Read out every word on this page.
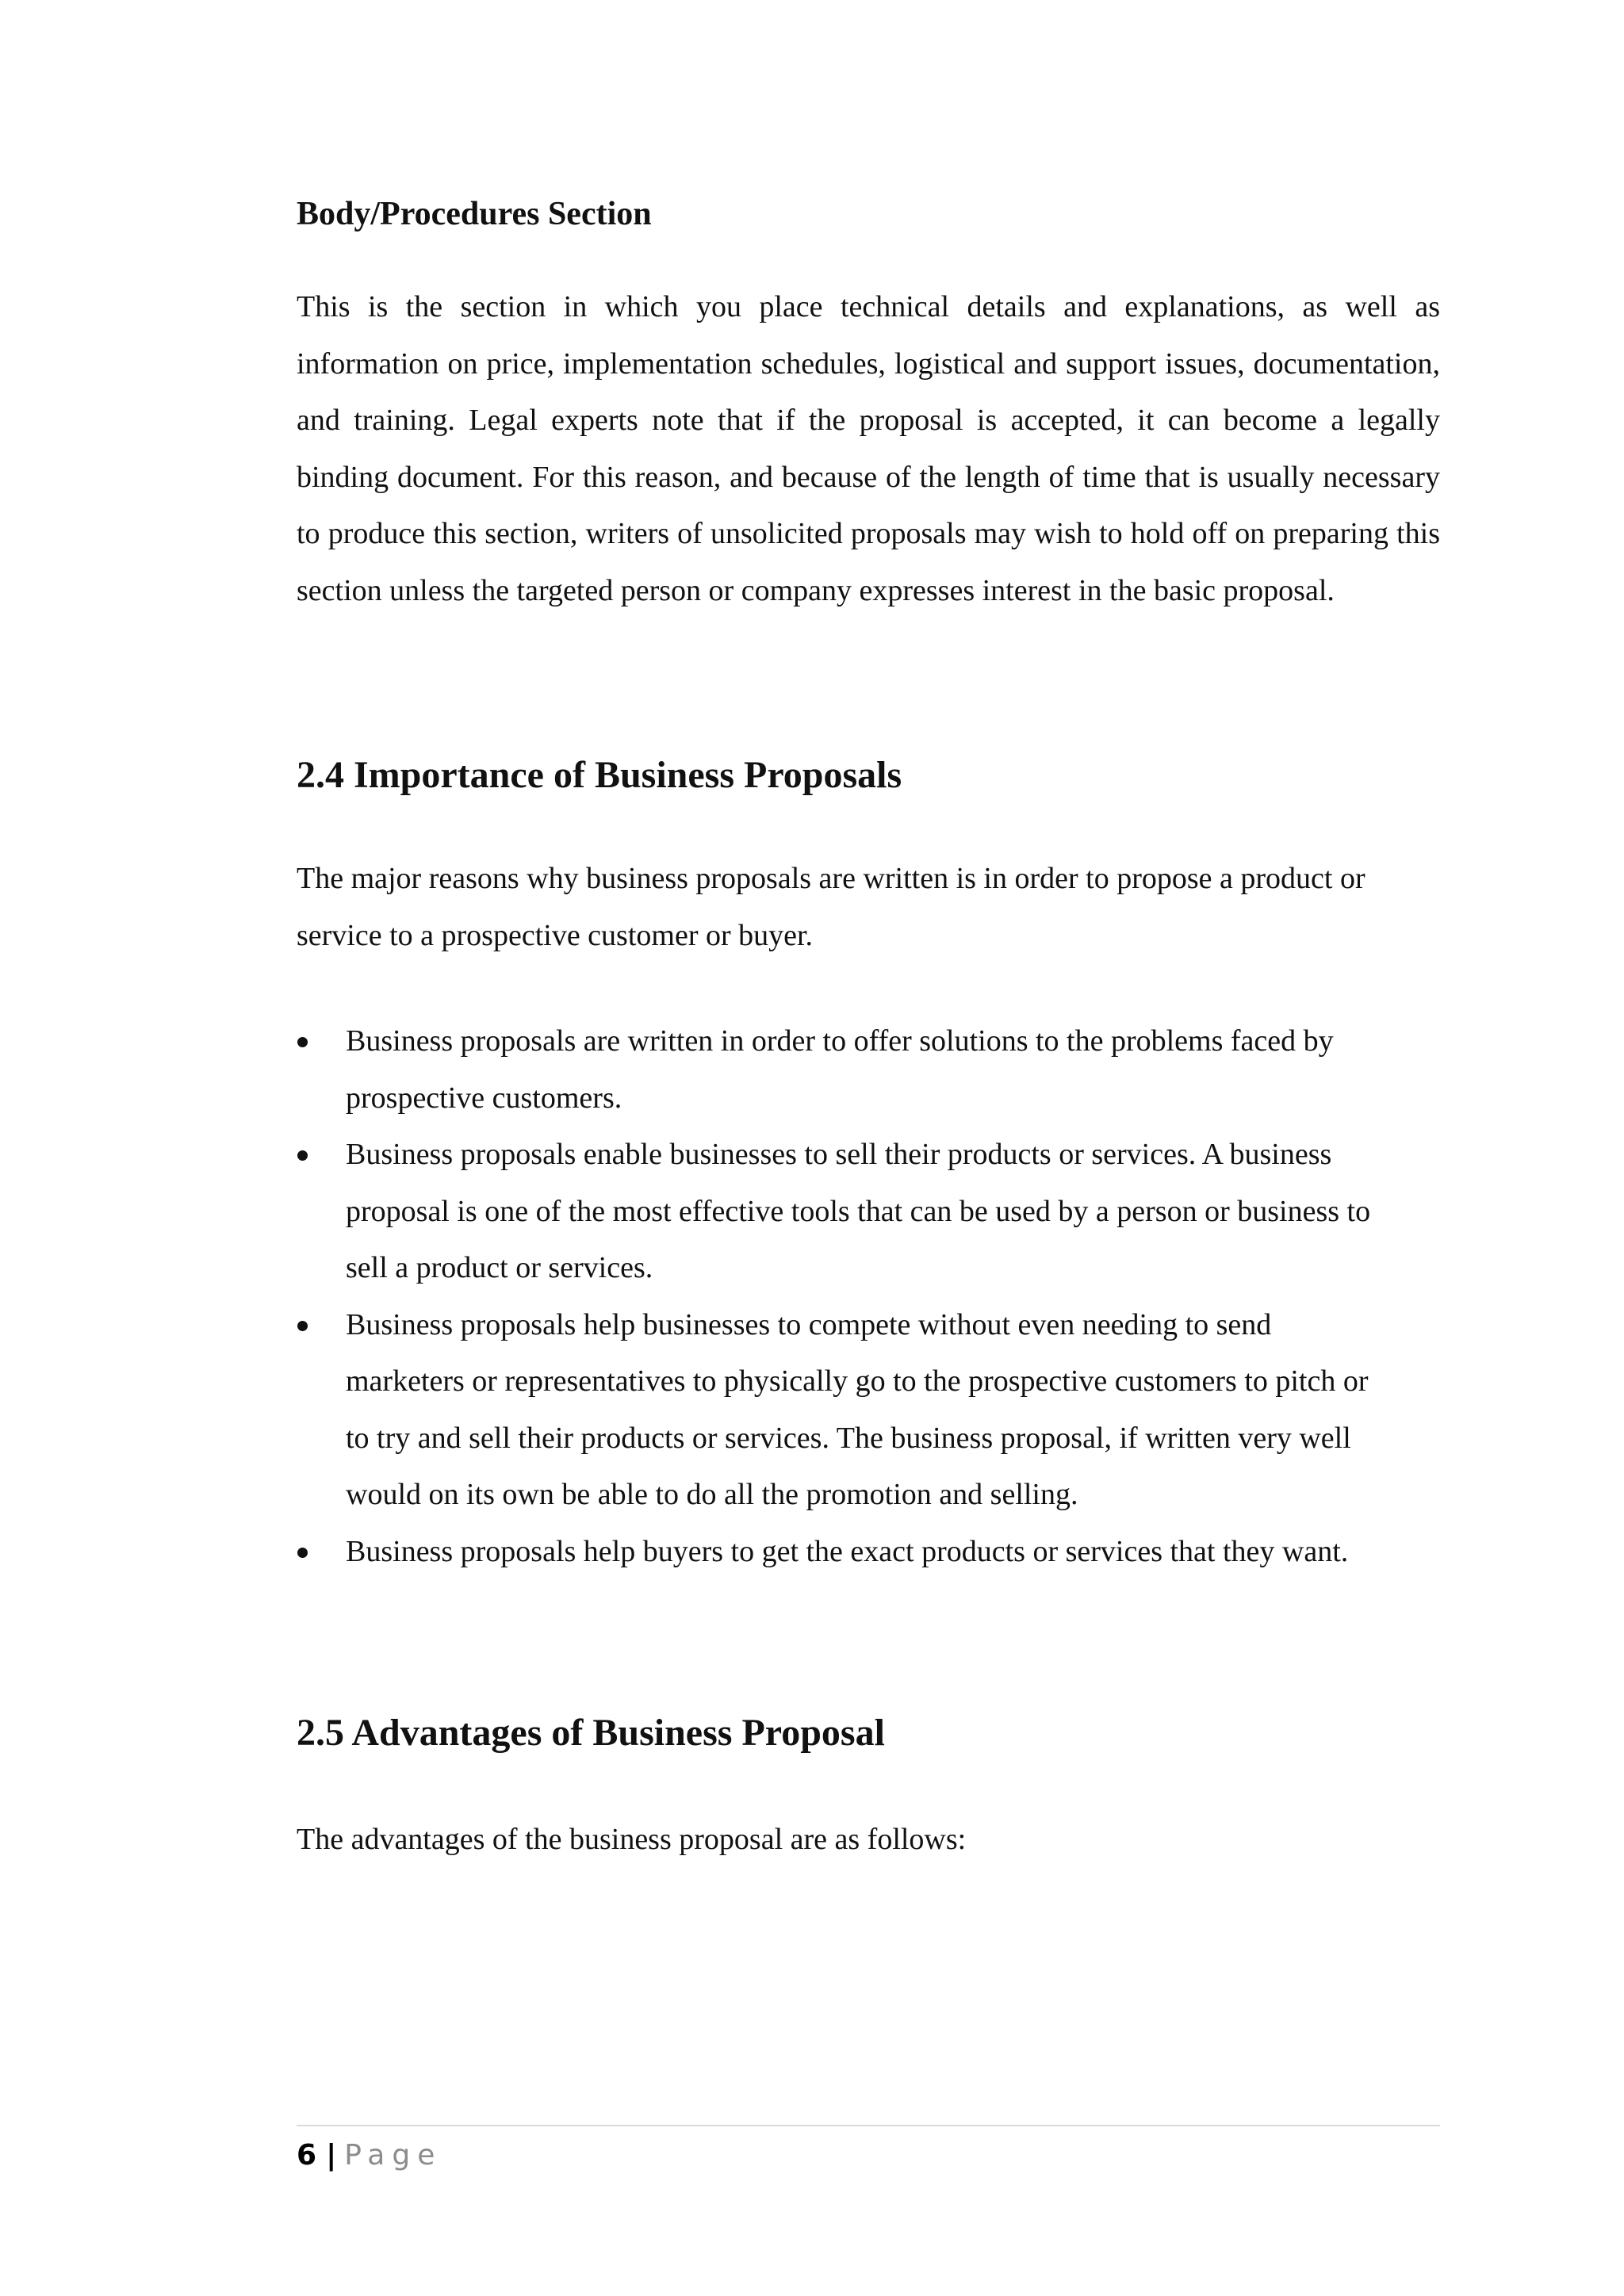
Body/Procedures Section

This is the section in which you place technical details and explanations, as well as information on price, implementation schedules, logistical and support issues, documentation, and training. Legal experts note that if the proposal is accepted, it can become a legally binding document. For this reason, and because of the length of time that is usually necessary to produce this section, writers of unsolicited proposals may wish to hold off on preparing this section unless the targeted person or company expresses interest in the basic proposal.

2.4 Importance of Business Proposals

The major reasons why business proposals are written is in order to propose a product or service to a prospective customer or buyer.

Business proposals are written in order to offer solutions to the problems faced by prospective customers.
Business proposals enable businesses to sell their products or services. A business proposal is one of the most effective tools that can be used by a person or business to sell a product or services.
Business proposals help businesses to compete without even needing to send marketers or representatives to physically go to the prospective customers to pitch or to try and sell their products or services. The business proposal, if written very well would on its own be able to do all the promotion and selling.
Business proposals help buyers to get the exact products or services that they want.
2.5 Advantages of Business Proposal

The advantages of the business proposal are as follows:

6 | Page
